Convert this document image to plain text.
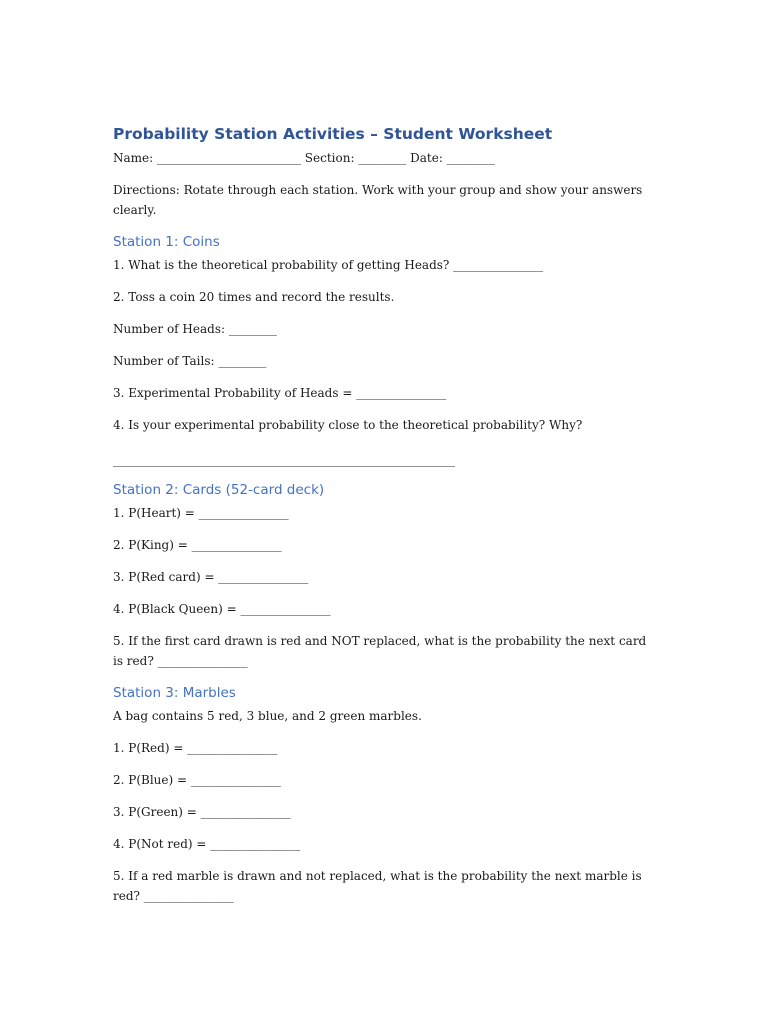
Probability Station Activities – Student Worksheet
Name: ________________________ Section: ________ Date: ________
Directions: Rotate through each station. Work with your group and show your answers clearly.
Station 1: Coins
1. What is the theoretical probability of getting Heads? _______________
2. Toss a coin 20 times and record the results.
Number of Heads: ________
Number of Tails: ________
3. Experimental Probability of Heads = _______________
4. Is your experimental probability close to the theoretical probability? Why?
_________________________________________________________
Station 2: Cards (52-card deck)
1. P(Heart) = _______________
2. P(King) = _______________
3. P(Red card) = _______________
4. P(Black Queen) = _______________
5. If the first card drawn is red and NOT replaced, what is the probability the next card is red? _______________
Station 3: Marbles
A bag contains 5 red, 3 blue, and 2 green marbles.
1. P(Red) = _______________
2. P(Blue) = _______________
3. P(Green) = _______________
4. P(Not red) = _______________
5. If a red marble is drawn and not replaced, what is the probability the next marble is red? _______________
